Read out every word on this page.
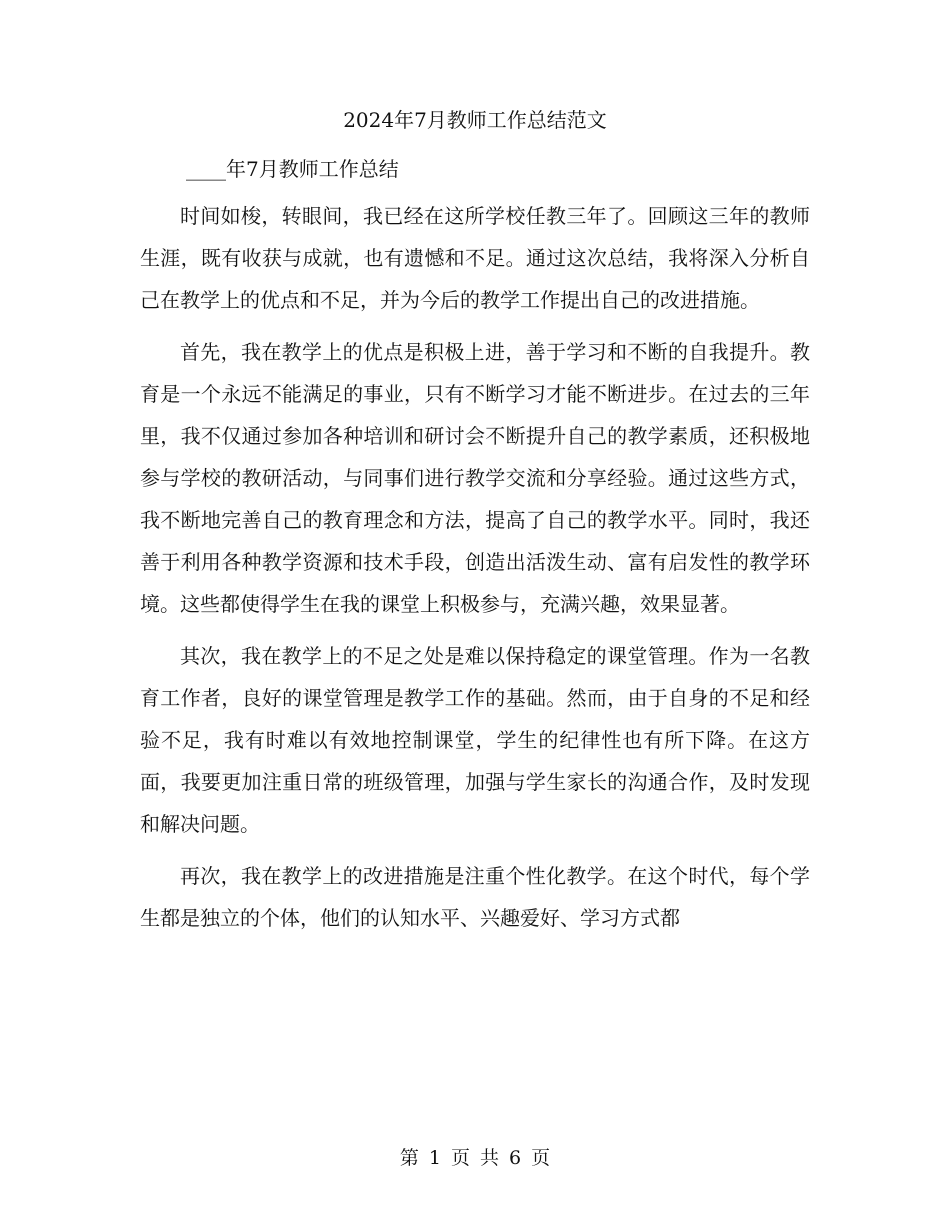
2024年7月教师工作总结范文
____年7月教师工作总结

时间如梭，转眼间，我已经在这所学校任教三年了。回顾这三年的教师生涯，既有收获与成就，也有遗憾和不足。通过这次总结，我将深入分析自己在教学上的优点和不足，并为今后的教学工作提出自己的改进措施。

首先，我在教学上的优点是积极上进，善于学习和不断的自我提升。教育是一个永远不能满足的事业，只有不断学习才能不断进步。在过去的三年里，我不仅通过参加各种培训和研讨会不断提升自己的教学素质，还积极地参与学校的教研活动，与同事们进行教学交流和分享经验。通过这些方式，我不断地完善自己的教育理念和方法，提高了自己的教学水平。同时，我还善于利用各种教学资源和技术手段，创造出活泼生动、富有启发性的教学环境。这些都使得学生在我的课堂上积极参与，充满兴趣，效果显著。

其次，我在教学上的不足之处是难以保持稳定的课堂管理。作为一名教育工作者，良好的课堂管理是教学工作的基础。然而，由于自身的不足和经验不足，我有时难以有效地控制课堂，学生的纪律性也有所下降。在这方面，我要更加注重日常的班级管理，加强与学生家长的沟通合作，及时发现和解决问题。

再次，我在教学上的改进措施是注重个性化教学。在这个时代，每个学生都是独立的个体，他们的认知水平、兴趣爱好、学习方式都

第 1 页 共 6 页
